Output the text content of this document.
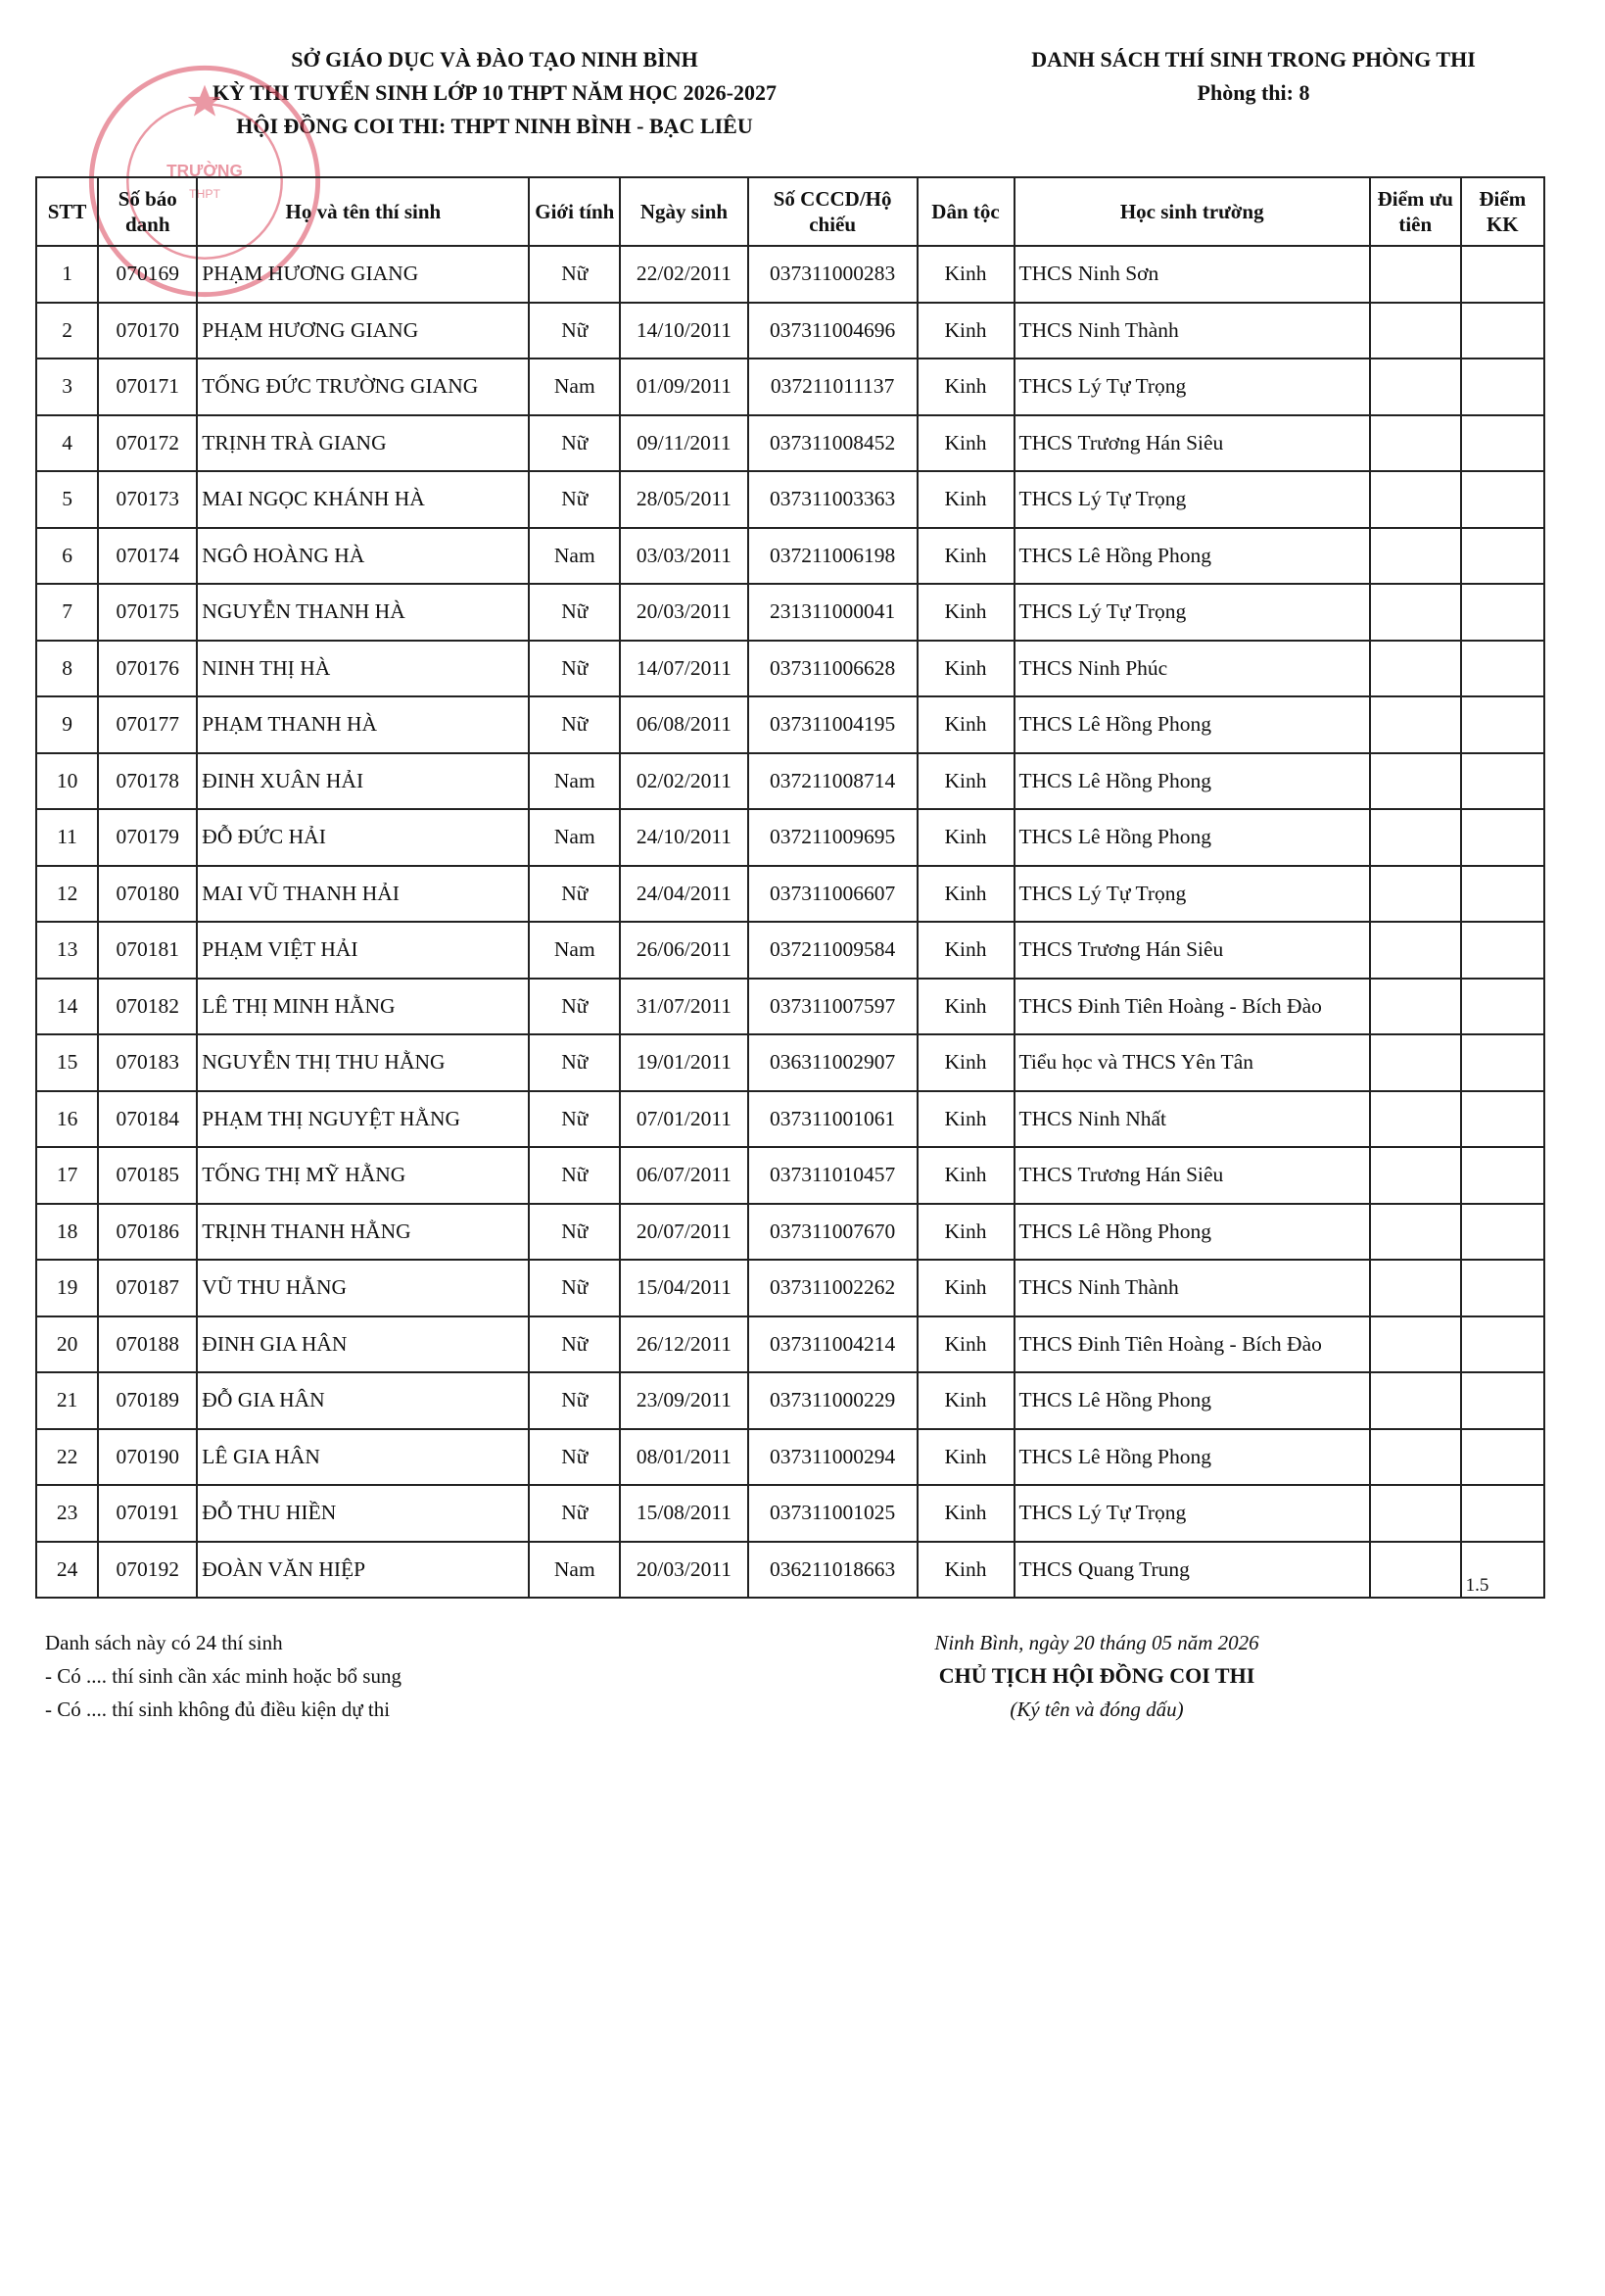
SỞ GIÁO DỤC VÀ ĐÀO TẠO NINH BÌNH
KỲ THI TUYỂN SINH LỚP 10 THPT NĂM HỌC 2026-2027
HỘI ĐỒNG COI THI: THPT NINH BÌNH - BẠC LIÊU
DANH SÁCH THÍ SINH TRONG PHÒNG THI
Phòng thi: 8
TRƯỜNG
THPT
STT	Số báo danh	Họ và tên thí sinh	Giới tính	Ngày sinh	Số CCCD/Hộ chiếu	Dân tộc	Học sinh trường	Điểm ưu tiên	Điểm KK
1	070169	PHẠM HƯƠNG GIANG	Nữ	22/02/2011	037311000283	Kinh	THCS Ninh Sơn		
2	070170	PHẠM HƯƠNG GIANG	Nữ	14/10/2011	037311004696	Kinh	THCS Ninh Thành		
3	070171	TỐNG ĐỨC TRƯỜNG GIANG	Nam	01/09/2011	037211011137	Kinh	THCS Lý Tự Trọng		
4	070172	TRỊNH TRÀ GIANG	Nữ	09/11/2011	037311008452	Kinh	THCS Trương Hán Siêu		
5	070173	MAI NGỌC KHÁNH HÀ	Nữ	28/05/2011	037311003363	Kinh	THCS Lý Tự Trọng		
6	070174	NGÔ HOÀNG HÀ	Nam	03/03/2011	037211006198	Kinh	THCS Lê Hồng Phong		
7	070175	NGUYỄN THANH HÀ	Nữ	20/03/2011	231311000041	Kinh	THCS Lý Tự Trọng		
8	070176	NINH THỊ HÀ	Nữ	14/07/2011	037311006628	Kinh	THCS Ninh Phúc		
9	070177	PHẠM THANH HÀ	Nữ	06/08/2011	037311004195	Kinh	THCS Lê Hồng Phong		
10	070178	ĐINH XUÂN HẢI	Nam	02/02/2011	037211008714	Kinh	THCS Lê Hồng Phong		
11	070179	ĐỖ ĐỨC HẢI	Nam	24/10/2011	037211009695	Kinh	THCS Lê Hồng Phong		
12	070180	MAI VŨ THANH HẢI	Nữ	24/04/2011	037311006607	Kinh	THCS Lý Tự Trọng		
13	070181	PHẠM VIỆT HẢI	Nam	26/06/2011	037211009584	Kinh	THCS Trương Hán Siêu		
14	070182	LÊ THỊ MINH HẰNG	Nữ	31/07/2011	037311007597	Kinh	THCS Đinh Tiên Hoàng - Bích Đào		
15	070183	NGUYỄN THỊ THU HẰNG	Nữ	19/01/2011	036311002907	Kinh	Tiểu học và THCS Yên Tân		
16	070184	PHẠM THỊ NGUYỆT HẰNG	Nữ	07/01/2011	037311001061	Kinh	THCS Ninh Nhất		
17	070185	TỐNG THỊ MỸ HẰNG	Nữ	06/07/2011	037311010457	Kinh	THCS Trương Hán Siêu		
18	070186	TRỊNH THANH HẰNG	Nữ	20/07/2011	037311007670	Kinh	THCS Lê Hồng Phong		
19	070187	VŨ THU HẰNG	Nữ	15/04/2011	037311002262	Kinh	THCS Ninh Thành		
20	070188	ĐINH GIA HÂN	Nữ	26/12/2011	037311004214	Kinh	THCS Đinh Tiên Hoàng - Bích Đào		
21	070189	ĐỖ GIA HÂN	Nữ	23/09/2011	037311000229	Kinh	THCS Lê Hồng Phong		
22	070190	LÊ GIA HÂN	Nữ	08/01/2011	037311000294	Kinh	THCS Lê Hồng Phong		
23	070191	ĐỖ THU HIỀN	Nữ	15/08/2011	037311001025	Kinh	THCS Lý Tự Trọng		
24	070192	ĐOÀN VĂN HIỆP	Nam	20/03/2011	036211018663	Kinh	THCS Quang Trung		1.5
Danh sách này có 24 thí sinh
- Có .... thí sinh cần xác minh hoặc bổ sung
- Có .... thí sinh không đủ điều kiện dự thi
Ninh Bình, ngày 20 tháng 05 năm 2026
CHỦ TỊCH HỘI ĐỒNG COI THI
(Ký tên và đóng dấu)
